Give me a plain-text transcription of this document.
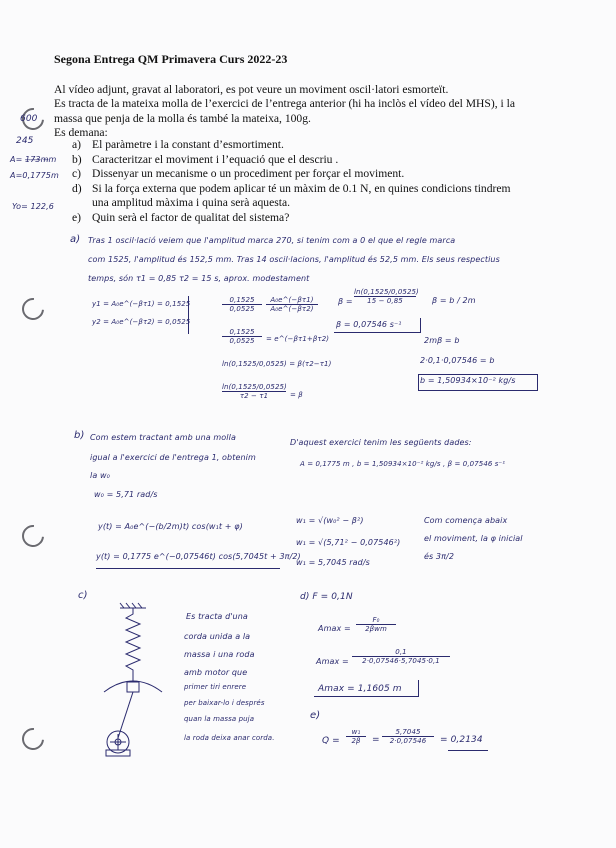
Segona Entrega QM Primavera Curs 2022-23

Al vídeo adjunt, gravat al laboratori, es pot veure un moviment oscil·latori esmorteït.

Es tracta de la mateixa molla de l’exercici de l’entrega anterior (hi ha inclòs el vídeo del MHS), i la

massa que penja de la molla és també la mateixa, 100g.

Es demana:

a) El paràmetre i la constant d’esmortiment.
b) Caracteritzar el moviment i l’equació que el descriu .
c) Dissenyar un mecanisme o un procediment per forçar el moviment.
d) Si la força externa que podem aplicar té un màxim de 0.1 N, en quines condicions tindrem
una amplitud màxima i quina serà aquesta.
e) Quin serà el factor de qualitat del sistema?
600
245
A= 1̶7̶3̶m̶m
A=0,1775m
Yo= 122,6
a) Tras 1 oscil·lació veiem que l'amplitud marca 270, si tenim com a 0 el que el regle marca
com 1525, l'amplitud és 152,5 mm. Tras 14 oscil·lacions, l'amplitud és 52,5 mm. Els seus respectius
temps, són τ1 = 0,85 τ2 = 15 s, aprox. modestament
y1 = A₀e^(−βτ1) = 0,1525
y2 = A₀e^(−βτ2) = 0,0525
$\frac{0,1525}{0,0525} \frac{\text{A₀e\textasciicircum{}(−βτ1)}}{\text{A₀e\textasciicircum{}(−βτ2)}}$
$\frac{0,1525}{0,0525}$ = e^(−βτ1+βτ2)
ln(0,1525/0,0525) = β(τ2−τ1)
$\frac{\ln(0,1525/0,0525)}{\tau 2 - \tau 1} = \beta$
$\beta = \frac{\ln(0,1525/0,0525)}{15 - 0,85}$ β = b / 2m
β = 0,07546 s⁻¹
2mβ = b
2·0,1·0,07546 = b
b = 1,50934×10⁻² kg/s
b) Com estem tractant amb una molla
igual a l'exercici de l'entrega 1, obtenim
la w₀
w₀ = 5,71 rad/s
D'aquest exercici tenim les següents dades:
A = 0,1775 m , b = 1,50934×10⁻² kg/s , β = 0,07546 s⁻¹
y(t) = A₀e^(−(b/2m)t) cos(w₁t + φ)
y(t) = 0,1775 e^(−0,07546t) cos(5,7045t + 3π/2)
w₁ = √(w₀² − β²)
w₁ = √(5,71² − 0,07546²)
w₁ = 5,7045 rad/s
Com comença abaix
el moviment, la φ inicial
és 3π/2
c)
Es tracta d'una
corda unida a la
massa i una roda
amb motor que
primer tiri enrere
per baixar-lo i després
quan la massa puja
la roda deixa anar corda.
d) F = 0,1N
Amax =
F₀
2βwm
$Amax = \frac{0,1}{2\cdot 0,07546\cdot 5,7045\cdot 0,1}$
Amax = 1,1605 m
e)
$Q = \frac{\text{w₁}}{2\beta} = \frac{5,7045}{2\cdot 0,07546} = 0,2134$
